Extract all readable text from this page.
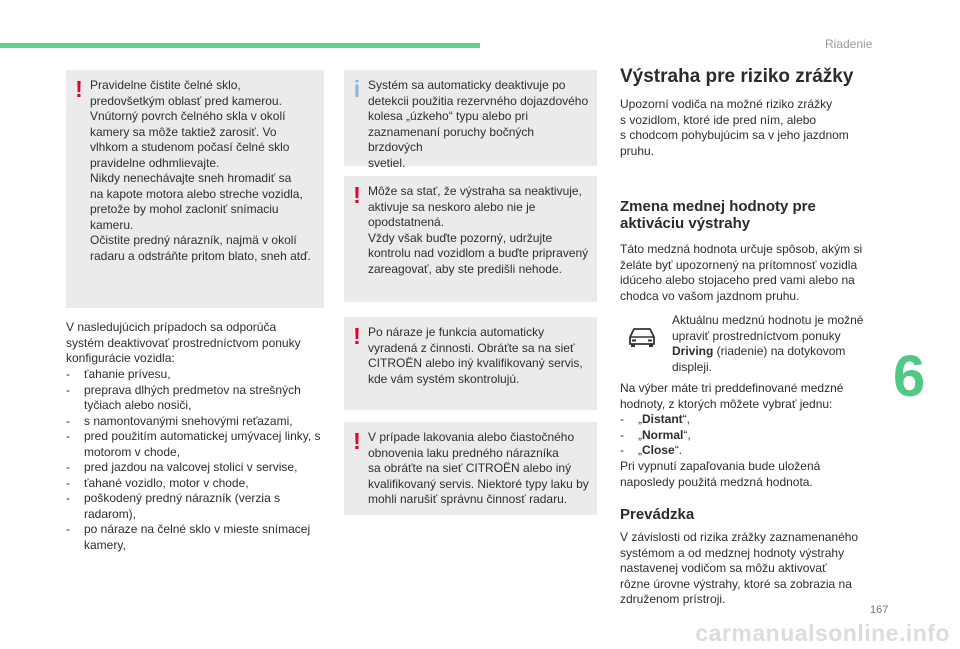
Riadenie
6
167
carmanualsonline.info
! Pravidelne čistite čelné sklo,
predovšetkým oblasť pred kamerou.
Vnútorný povrch čelného skla v okolí
kamery sa môže taktiež zarosiť. Vo
vlhkom a studenom počasí čelné sklo
pravidelne odhmlievajte.
Nikdy nenechávajte sneh hromadiť sa
na kapote motora alebo streche vozidla,
pretože by mohol zacloniť snímaciu
kameru.
Očistite predný nárazník, najmä v okolí
radaru a odstráňte pritom blato, sneh atď.
V nasledujúcich prípadoch sa odporúča
systém deaktivovať prostredníctvom ponuky
konfigurácie vozidla:
- ťahanie prívesu,
- preprava dlhých predmetov na strešných tyčiach alebo nosiči,
- s namontovanými snehovými reťazami,
- pred použitím automatickej umývacej linky, s motorom v chode,
- pred jazdou na valcovej stolici v servise,
- ťahané vozidlo, motor v chode,
- poškodený predný nárazník (verzia s radarom),
- po náraze na čelné sklo v mieste snímacej kamery,
i Systém sa automaticky deaktivuje po
detekcii použitia rezervného dojazdového
kolesa „úzkeho“ typu alebo pri
zaznamenaní poruchy bočných brzdových
svetiel.
! Môže sa stať, že výstraha sa neaktivuje,
aktivuje sa neskoro alebo nie je
opodstatnená.
Vždy však buďte pozorný, udržujte
kontrolu nad vozidlom a buďte pripravený
zareagovať, aby ste predišli nehode.
! Po náraze je funkcia automaticky
vyradená z činnosti. Obráťte sa na sieť
CITROËN alebo iný kvalifikovaný servis,
kde vám systém skontrolujú.
! V prípade lakovania alebo čiastočného
obnovenia laku predného nárazníka
sa obráťte na sieť CITROËN alebo iný
kvalifikovaný servis. Niektoré typy laku by
mohli narušiť správnu činnosť radaru.
Výstraha pre riziko zrážky
Upozorní vodiča na možné riziko zrážky
s vozidlom, ktoré ide pred ním, alebo
s chodcom pohybujúcim sa v jeho jazdnom
pruhu.
Zmena mednej hodnoty pre
aktiváciu výstrahy
Táto medzná hodnota určuje spôsob, akým si
želáte byť upozornený na prítomnosť vozidla
idúceho alebo stojaceho pred vami alebo na
chodca vo vašom jazdnom pruhu.
Aktuálnu medznú hodnotu je možné
upraviť prostredníctvom ponuky
Driving (riadenie) na dotykovom
displeji.
Na výber máte tri preddefinované medzné
hodnoty, z ktorých môžete vybrať jednu:
- „Distant“,
- „Normal“,
- „Close“.
Pri vypnutí zapaľovania bude uložená
naposledy použitá medzná hodnota.
Prevádzka
V závislosti od rizika zrážky zaznamenaného
systémom a od medznej hodnoty výstrahy
nastavenej vodičom sa môžu aktivovať
rôzne úrovne výstrahy, ktoré sa zobrazia na
združenom prístroji.
